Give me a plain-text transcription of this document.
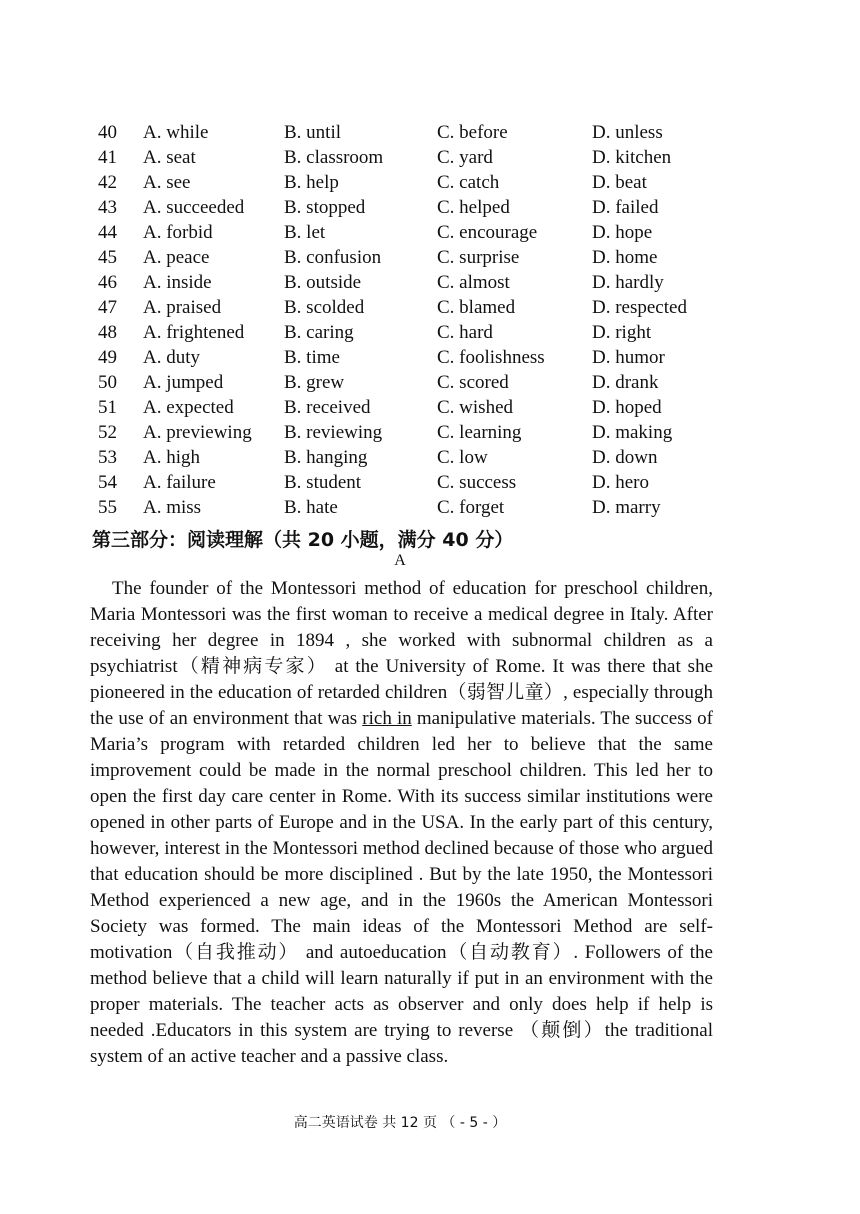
40	A. while	B. until	C. before	D. unless
41	A. seat	B. classroom	C. yard	D. kitchen
42	A. see	B. help	C. catch	D. beat
43	A. succeeded	B. stopped	C. helped	D. failed
44	A. forbid	B. let	C. encourage	D. hope
45	A. peace	B. confusion	C. surprise	D. home
46	A. inside	B. outside	C. almost	D. hardly
47	A. praised	B. scolded	C. blamed	D. respected
48	A. frightened	B. caring	C. hard	D. right
49	A. duty	B. time	C. foolishness	D. humor
50	A. jumped	B. grew	C. scored	D. drank
51	A. expected	B. received	C. wished	D. hoped
52	A. previewing	B. reviewing	C. learning	D. making
53	A. high	B. hanging	C. low	D. down
54	A. failure	B. student	C. success	D. hero
55	A. miss	B. hate	C. forget	D. marry
第三部分：阅读理解（共 20 小题，满分 40 分）
A

The founder of the Montessori method of education for preschool children, Maria Montessori was the first woman to receive a medical degree in Italy. After receiving her degree in 1894 , she worked with subnormal children as a psychiatrist（精神病专家） at the University of Rome. It was there that she pioneered in the education of retarded children（弱智儿童）, especially through the use of an environment that was rich in manipulative materials. The success of Maria’s program with retarded children led her to believe that the same improvement could be made in the normal preschool children. This led her to open the first day care center in Rome. With its success similar institutions were opened in other parts of Europe and in the USA. In the early part of this century, however, interest in the Montessori method declined because of those who argued that education should be more disciplined . But by the late 1950, the Montessori Method experienced a new age, and in the 1960s the American Montessori Society was formed. The main ideas of the Montessori Method are self-motivation（自我推动） and autoeducation（自动教育）. Followers of the method believe that a child will learn naturally if put in an environment with the proper materials. The teacher acts as observer and only does help if help is needed .Educators in this system are trying to reverse （颠倒）the traditional system of an active teacher and a passive class.

高二英语试卷 共 12 页 （ - 5 - ）
